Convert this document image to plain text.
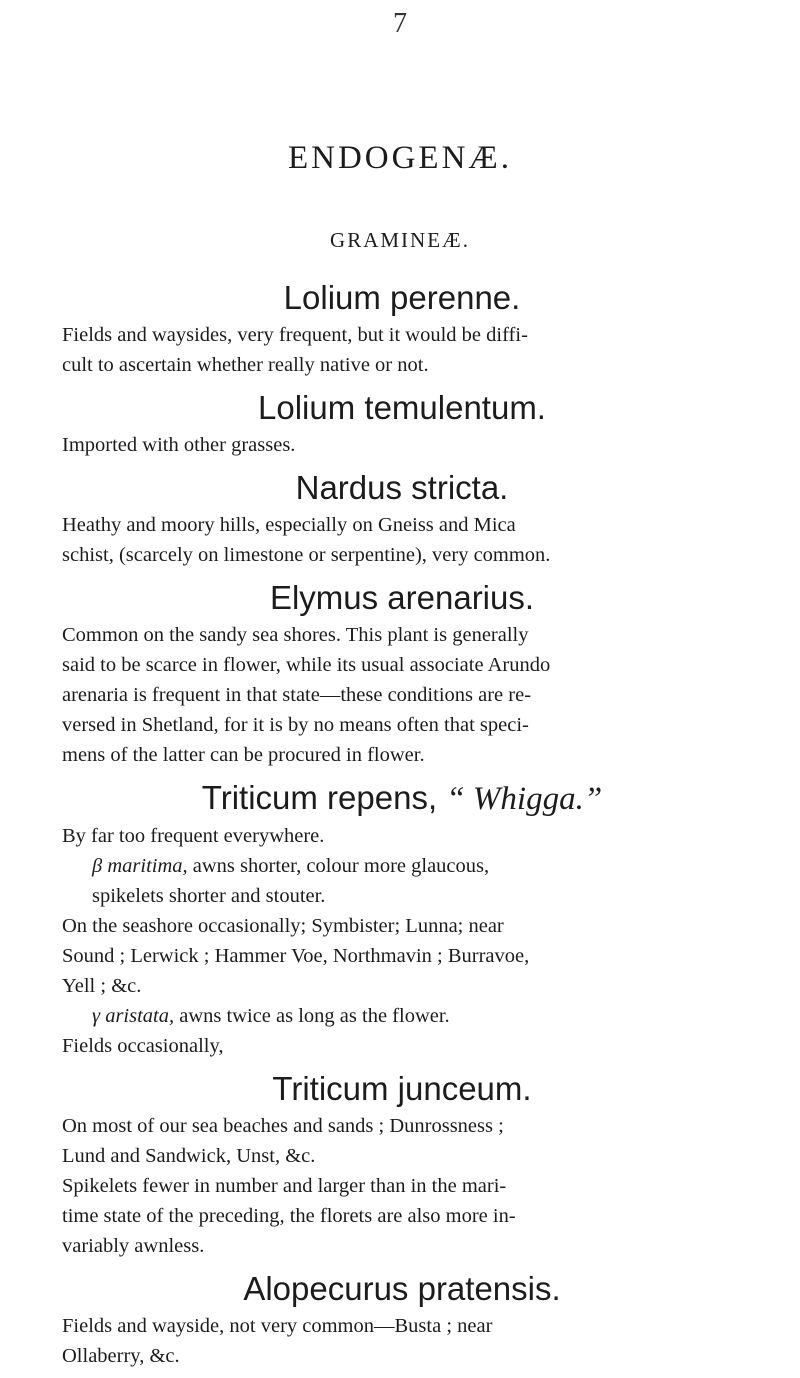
7
ENDOGENÆ.
GRAMINEÆ.
Lolium perenne.
Fields and waysides, very frequent, but it would be diffi-
cult to ascertain whether really native or not.
Lolium temulentum.
Imported with other grasses.
Nardus stricta.
Heathy and moory hills, especially on Gneiss and Mica
schist, (scarcely on limestone or serpentine), very common.
Elymus arenarius.
Common on the sandy sea shores. This plant is generally
said to be scarce in flower, while its usual associate Arundo
arenaria is frequent in that state—these conditions are re-
versed in Shetland, for it is by no means often that speci-
mens of the latter can be procured in flower.
Triticum repens, “ Whigga.”
By far too frequent everywhere.
β maritima, awns shorter, colour more glaucous,
spikelets shorter and stouter.
On the seashore occasionally; Symbister; Lunna; near
Sound ; Lerwick ; Hammer Voe, Northmavin ; Burravoe,
Yell ; &c.
γ aristata, awns twice as long as the flower.
Fields occasionally,
Triticum junceum.
On most of our sea beaches and sands ; Dunrossness ;
Lund and Sandwick, Unst, &c.
Spikelets fewer in number and larger than in the mari-
time state of the preceding, the florets are also more in-
variably awnless.
Alopecurus pratensis.
Fields and wayside, not very common—Busta ; near
Ollaberry, &c.
